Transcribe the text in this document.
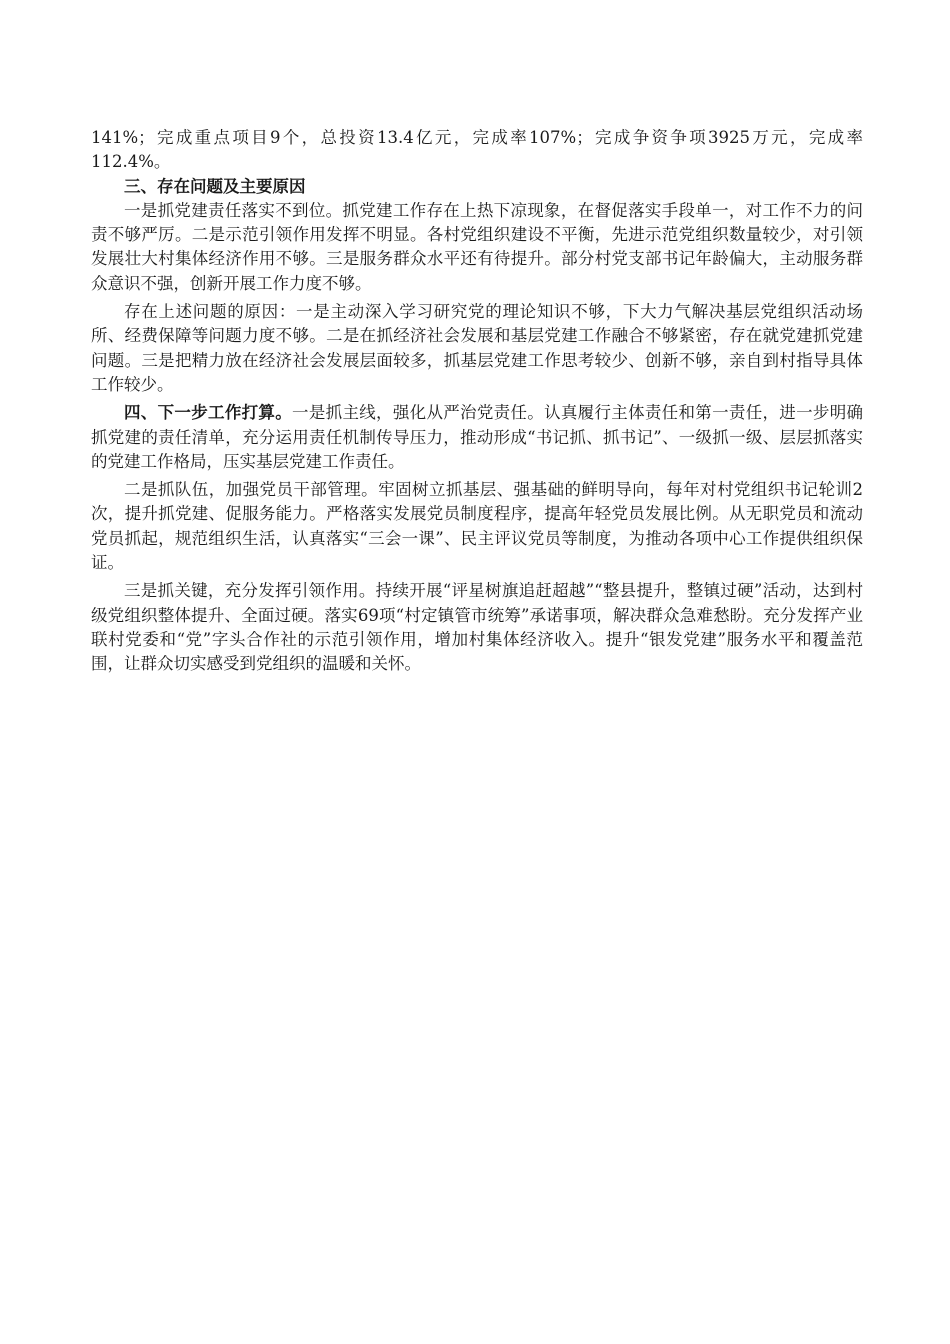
141%；完成重点项目9个，总投资13.4亿元，完成率107%；完成争资争项3925万元，完成率112.4%。

三、存在问题及主要原因

一是抓党建责任落实不到位。抓党建工作存在上热下凉现象，在督促落实手段单一，对工作不力的问责不够严厉。二是示范引领作用发挥不明显。各村党组织建设不平衡，先进示范党组织数量较少，对引领发展壮大村集体经济作用不够。三是服务群众水平还有待提升。部分村党支部书记年龄偏大，主动服务群众意识不强，创新开展工作力度不够。

存在上述问题的原因：一是主动深入学习研究党的理论知识不够，下大力气解决基层党组织活动场所、经费保障等问题力度不够。二是在抓经济社会发展和基层党建工作融合不够紧密，存在就党建抓党建问题。三是把精力放在经济社会发展层面较多，抓基层党建工作思考较少、创新不够，亲自到村指导具体工作较少。

四、下一步工作打算。一是抓主线，强化从严治党责任。认真履行主体责任和第一责任，进一步明确抓党建的责任清单，充分运用责任机制传导压力，推动形成“书记抓、抓书记”、一级抓一级、层层抓落实的党建工作格局，压实基层党建工作责任。

二是抓队伍，加强党员干部管理。牢固树立抓基层、强基础的鲜明导向，每年对村党组织书记轮训2次，提升抓党建、促服务能力。严格落实发展党员制度程序，提高年轻党员发展比例。从无职党员和流动党员抓起，规范组织生活，认真落实“三会一课”、民主评议党员等制度，为推动各项中心工作提供组织保证。

三是抓关键，充分发挥引领作用。持续开展“评星树旗追赶超越”“整县提升，整镇过硬”活动，达到村级党组织整体提升、全面过硬。落实69项“村定镇管市统筹”承诺事项，解决群众急难愁盼。充分发挥产业联村党委和“党”字头合作社的示范引领作用，增加村集体经济收入。提升“银发党建”服务水平和覆盖范围，让群众切实感受到党组织的温暖和关怀。
